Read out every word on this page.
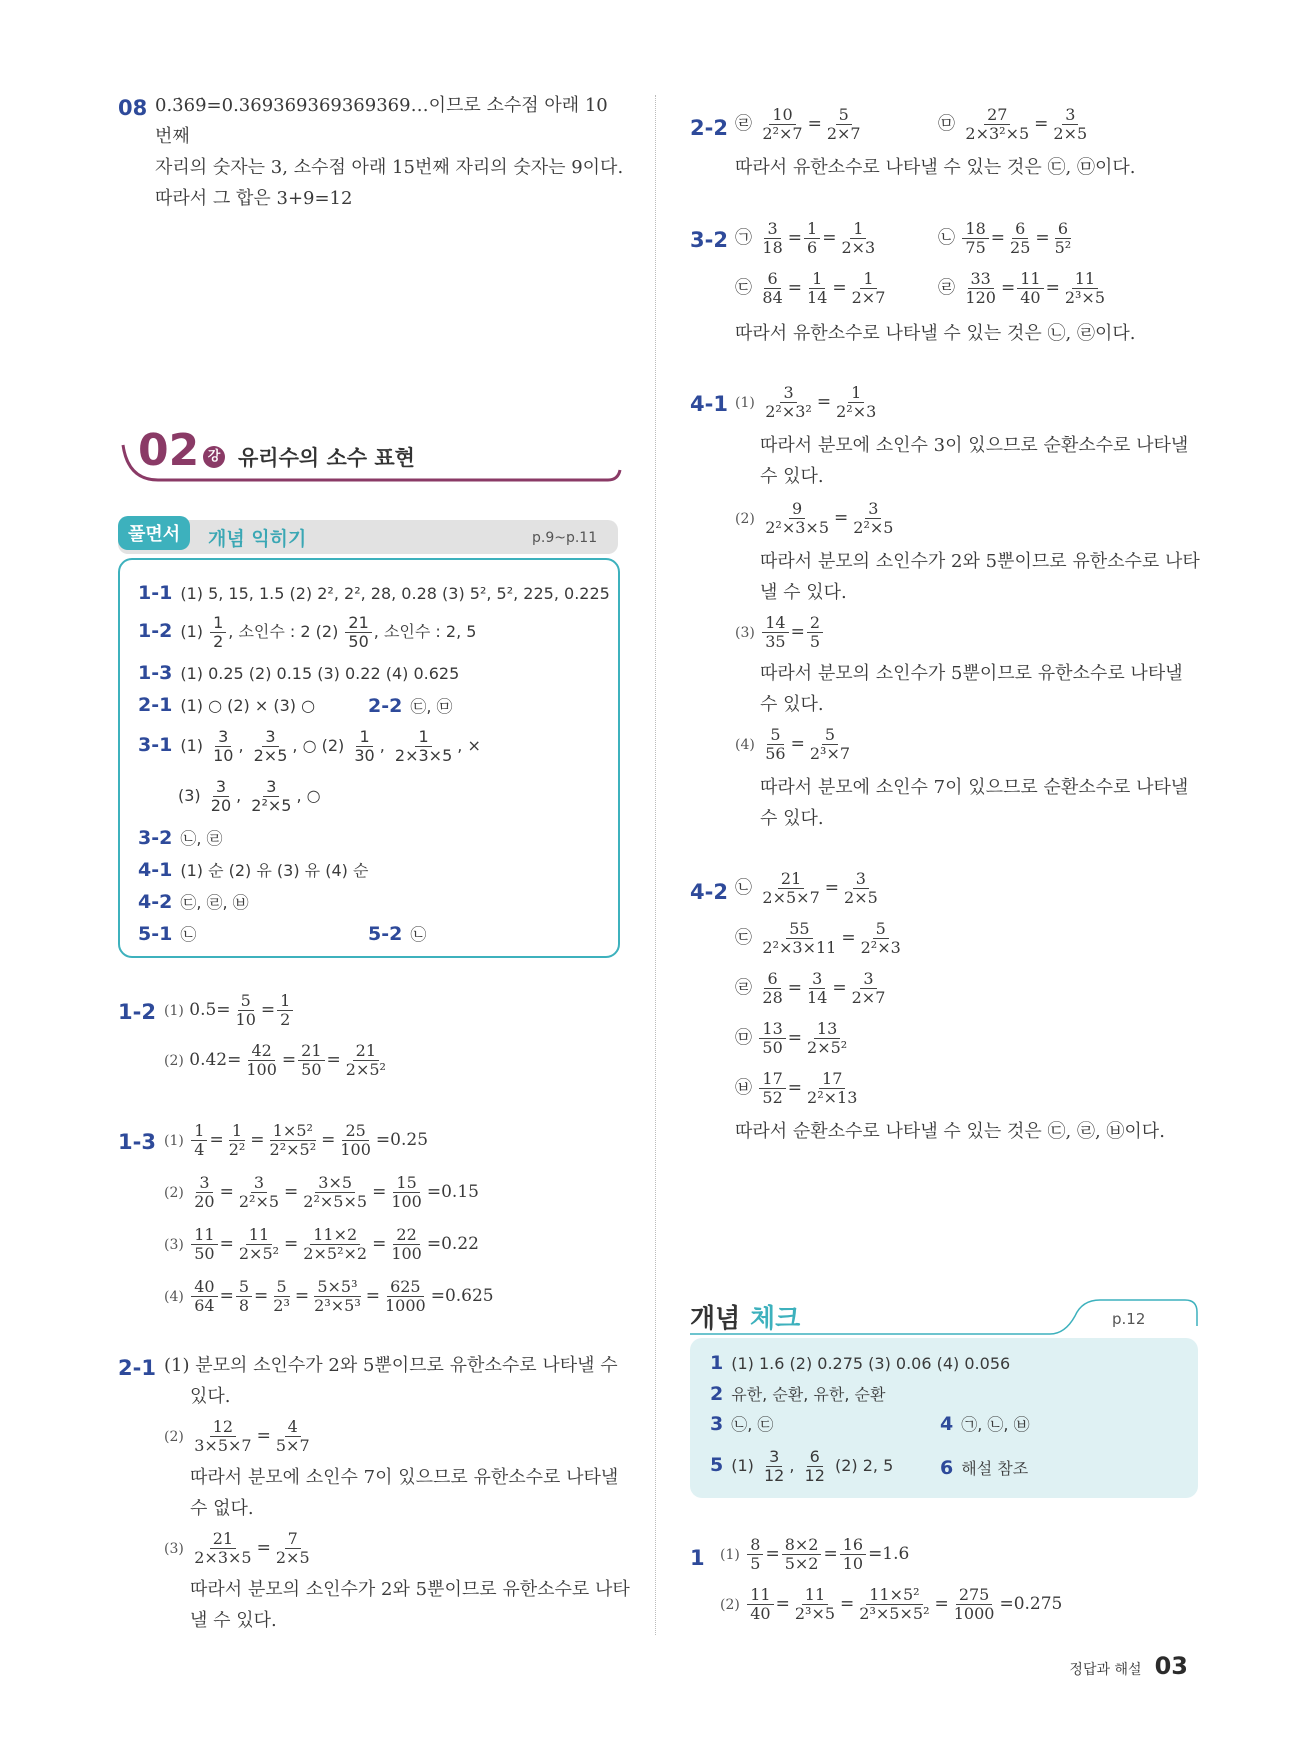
08 0.3̇69̇=0.369369369369369…이므로 소수점 아래 10번째
자리의 숫자는 3, 소수점 아래 15번째 자리의 숫자는 9이다.
따라서 그 합은 3+9=12
02 강 유리수의 소수 표현
풀면서	개념 익히기	p.9~p.11
1-1 (1) 5, 15, 1.5 (2) 2², 2², 28, 0.28 (3) 5², 5², 225, 0.225
1-2 $(1) \frac{1}{2}$ , 소인수 : 2 $(2) \frac{21}{50}$ , 소인수 : 2, 5
1-3 (1) 0.25 (2) 0.15 (3) 0.22 (4) 0.625
2-1 (1) ○ (2) × (3) ○	2-2 ㉢, ㉤
3-1 $(1) \frac{3}{10}$ , $\frac{3}{2\times 5}$ , ○ $(2) \frac{1}{30}$ , $\frac{1}{2\times 3\times 5}$ , ×
$(3) \frac{3}{20}$ , $\frac{3}{\text{2²×5}}$ , ○
3-2 ㉡, ㉣
4-1 (1) 순 (2) 유 (3) 유 (4) 순
4-2 ㉢, ㉣, ㉥
5-1 ㉡	5-2 ㉡
1-2 (1) $0.5= \frac{5}{10} = \frac{1}{2}$
(2) $0.42= \frac{42}{100} = \frac{21}{50} = \frac{21}{\text{2×5²}}$
1-3 $(1) \frac{1}{4} = \frac{1}{\text{2²}} = \frac{\text{1×5²}}{\text{2²×5²}} = \frac{25}{100} =0.25$
$(2) \frac{3}{20} = \frac{3}{\text{2²×5}} = \frac{3\times 5}{\text{2²×5×5}} = \frac{15}{100} =0.15$
$(3) \frac{11}{50} = \frac{11}{\text{2×5²}} = \frac{11\times 2}{\text{2×5²×2}} = \frac{22}{100} =0.22$
$(4) \frac{40}{64} = \frac{5}{8} = \frac{5}{\text{2³}} = \frac{\text{5×5³}}{\text{2³×5³}} = \frac{625}{1000} =0.625$
2-1 (1) 분모의 소인수가 2와 5뿐이므로 유한소수로 나타낼 수
있다.
$(2) \frac{12}{3\times 5\times 7} = \frac{4}{5\times 7}$
따라서 분모에 소인수 7이 있으므로 유한소수로 나타낼
수 없다.
$(3) \frac{21}{2\times 3\times 5} = \frac{7}{2\times 5}$
따라서 분모의 소인수가 2와 5뿐이므로 유한소수로 나타
낼 수 있다.
2-2 ㉣ $\frac{10}{\text{2²×7}} = \frac{5}{2\times 7}$	㉤ $\frac{27}{\text{2×3²×5}} = \frac{3}{2\times 5}$
따라서 유한소수로 나타낼 수 있는 것은 ㉢, ㉤이다.
3-2 ㉠ $\frac{3}{18} = \frac{1}{6} = \frac{1}{2\times 3}$	㉡ $\frac{18}{75} = \frac{6}{25} = \frac{6}{\text{5²}}$
㉢ $\frac{6}{84} = \frac{1}{14} = \frac{1}{2\times 7}$	㉣ $\frac{33}{120} = \frac{11}{40} = \frac{11}{\text{2³×5}}$
따라서 유한소수로 나타낼 수 있는 것은 ㉡, ㉣이다.
4-1 $(1) \frac{3}{\text{2²×3²}} = \frac{1}{\text{2²×3}}$
따라서 분모에 소인수 3이 있으므로 순환소수로 나타낼
수 있다.
$(2) \frac{9}{\text{2²×3×5}} = \frac{3}{\text{2²×5}}$
따라서 분모의 소인수가 2와 5뿐이므로 유한소수로 나타
낼 수 있다.
$(3) \frac{14}{35} = \frac{2}{5}$
따라서 분모의 소인수가 5뿐이므로 유한소수로 나타낼
수 있다.
$(4) \frac{5}{56} = \frac{5}{\text{2³×7}}$
따라서 분모에 소인수 7이 있으므로 순환소수로 나타낼
수 있다.
4-2 ㉡ $\frac{21}{2\times 5\times 7} = \frac{3}{2\times 5}$
㉢ $\frac{55}{\text{2²×3×11}} = \frac{5}{\text{2²×3}}$
㉣ $\frac{6}{28} = \frac{3}{14} = \frac{3}{2\times 7}$
㉤ $\frac{13}{50} = \frac{13}{\text{2×5²}}$
㉥ $\frac{17}{52} = \frac{17}{\text{2²×13}}$
따라서 순환소수로 나타낼 수 있는 것은 ㉢, ㉣, ㉥이다.
개념 체크	p.12
1 (1) 1.6 (2) 0.275 (3) 0.06 (4) 0.056
2 유한, 순환, 유한, 순환
3 ㉡, ㉢	4 ㉠, ㉡, ㉥
5 $(1) \frac{3}{12}$ , $\frac{6}{12} (2)$ 2, 5 6 해설 참조
1 $(1) \frac{8}{5} = \frac{8\times 2}{5\times 2} = \frac{16}{10} =1.6$
$(2) \frac{11}{40} = \frac{11}{\text{2³×5}} = \frac{\text{11×5²}}{\text{2³×5×5²}} = \frac{275}{1000} =0.275$
정답과 해설 03
